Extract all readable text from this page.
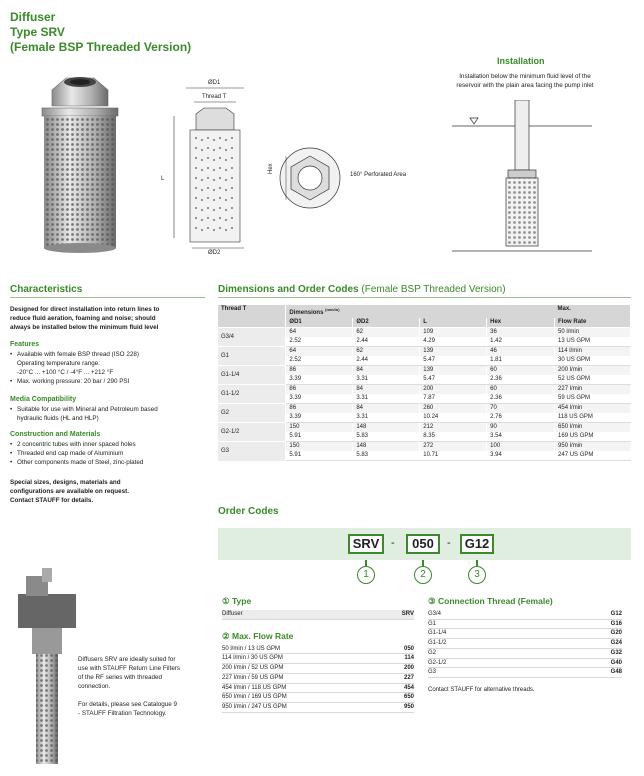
Diffuser
Type SRV
(Female BSP Threaded Version)
ØD1
Thread T
ØD2
L
Hex
160° Perforated Area
Installation
Installation below the minimum fluid level of the
reservoir with the plain area facing the pump inlet
Characteristics
Designed for direct installation into return lines to
reduce fluid aeration, foaming and noise; should
always be installed below the minimum fluid level
Features
• Available with female BSP thread (ISO 228)
Operating temperature range:
-20°C ... +100 °C / -4°F ... +212 °F
• Max. working pressure: 20 bar / 290 PSI
Media Compatibility
• Suitable for use with Mineral and Petroleum based
hydraulic fluids (HL and HLP)
Construction and Materials
• 2 concentric tubes with inner spaced holes
• Threaded end cap made of Aluminium
• Other components made of Steel, zinc-plated
Special sizes, designs, materials and
configurations are available on request.
Contact STAUFF for details.
Diffusers SRV are ideally suited for
use with STAUFF Return Line Filters
of the RF series with threaded
connection.
For details, please see Catalogue 9
- STAUFF Filtration Technology.
Dimensions and Order Codes (Female BSP Threaded Version)
Thread T	Dimensions $^{(mm/in)}$				Max.
	ØD1	ØD2	L	Hex	Flow Rate
G3/4	64	62	109	36	50 l/min
	2.52	2.44	4.29	1.42	13 US GPM
G1	64	62	139	46	114 l/min
	2.52	2.44	5.47	1.81	30 US GPM
G1-1/4	86	84	139	60	200 l/min
	3.39	3.31	5.47	2.36	52 US GPM
G1-1/2	86	84	200	60	227 l/min
	3.39	3.31	7.87	2.36	59 US GPM
G2	86	84	260	70	454 l/min
	3.39	3.31	10.24	2.76	118 US GPM
G2-1/2	150	148	212	90	650 l/min
	5.91	5.83	8.35	3.54	169 US GPM
G3	150	148	272	100	950 l/min
	5.91	5.83	10.71	3.94	247 US GPM
Order Codes
SRV	-	050	-	G12
1	2	3
① Type
Diffuser	SRV
② Max. Flow Rate
50 l/min / 13 US GPM	050
114 l/min / 30 US GPM	114
200 l/min / 52 US GPM	200
227 l/min / 59 US GPM	227
454 l/min / 118 US GPM	454
650 l/min / 169 US GPM	650
950 l/min / 247 US GPM	950
③ Connection Thread (Female)
G3/4	G12
G1	G16
G1-1/4	G20
G1-1/2	G24
G2	G32
G2-1/2	G40
G3	G48
Contact STAUFF for alternative threads.
